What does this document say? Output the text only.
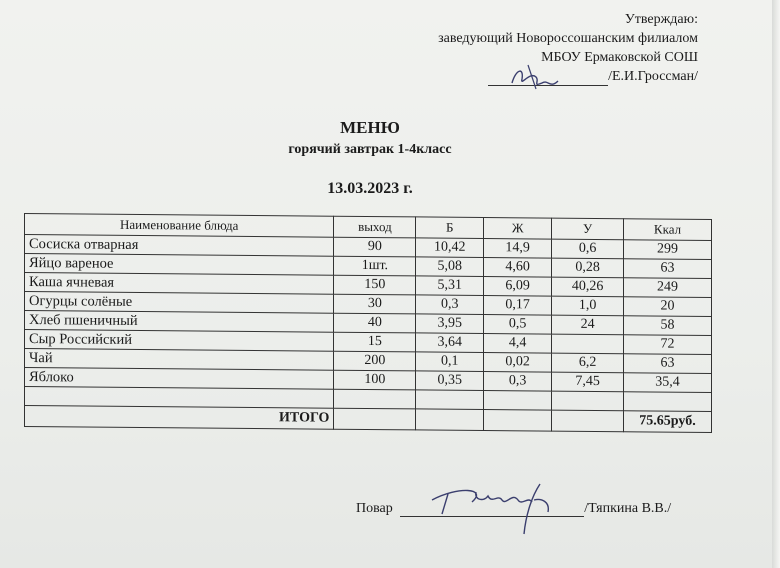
Утверждаю:
заведующий Новороссошанским филиалом
МБОУ Ермаковской СОШ
/Е.И.Гроссман/
МЕНЮ
горячий завтрак 1-4класс
13.03.2023 г.
Наименование блюда	выход	Б	Ж	У	Ккал
Сосиска отварная	90	10,42	14,9	0,6	299
Яйцо вареное	1шт.	5,08	4,60	0,28	63
Каша ячневая	150	5,31	6,09	40,26	249
Огурцы солёные	30	0,3	0,17	1,0	20
Хлеб пшеничный	40	3,95	0,5	24	58
Сыр Российский	15	3,64	4,4		72
Чай	200	0,1	0,02	6,2	63
Яблоко	100	0,35	0,3	7,45	35,4

ИТОГО					75.65руб.
Повар	/Тяпкина В.В./
